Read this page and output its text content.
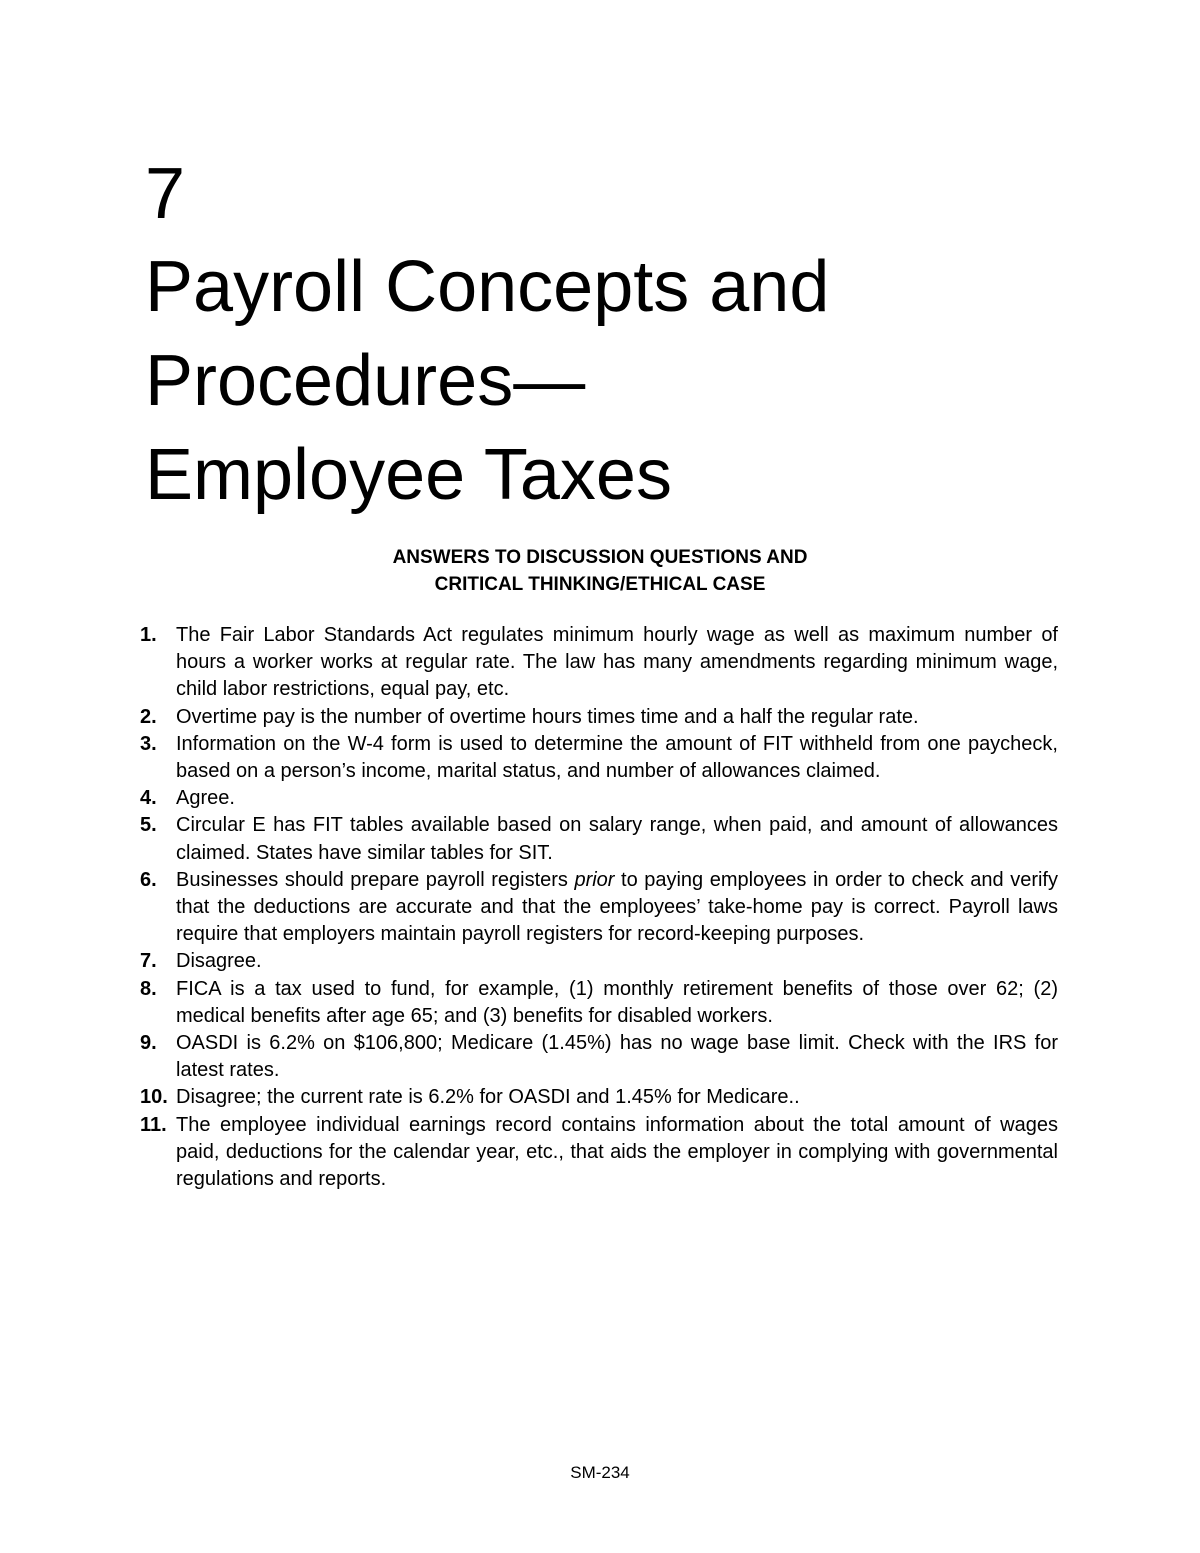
7
Payroll Concepts and
Procedures—
Employee Taxes
ANSWERS TO DISCUSSION QUESTIONS AND
CRITICAL THINKING/ETHICAL CASE
1. The Fair Labor Standards Act regulates minimum hourly wage as well as maximum number of hours a worker works at regular rate. The law has many amendments regarding minimum wage, child labor restrictions, equal pay, etc.
2. Overtime pay is the number of overtime hours times time and a half the regular rate.
3. Information on the W-4 form is used to determine the amount of FIT withheld from one paycheck, based on a person’s income, marital status, and number of allowances claimed.
4. Agree.
5. Circular E has FIT tables available based on salary range, when paid, and amount of allowances claimed. States have similar tables for SIT.
6. Businesses should prepare payroll registers prior to paying employees in order to check and verify that the deductions are accurate and that the employees’ take-home pay is correct. Payroll laws require that employers maintain payroll registers for record-keeping purposes.
7. Disagree.
8. FICA is a tax used to fund, for example, (1) monthly retirement benefits of those over 62; (2) medical benefits after age 65; and (3) benefits for disabled workers.
9. OASDI is 6.2% on $106,800; Medicare (1.45%) has no wage base limit. Check with the IRS for latest rates.
10. Disagree; the current rate is 6.2% for OASDI and 1.45% for Medicare..
11. The employee individual earnings record contains information about the total amount of wages paid, deductions for the calendar year, etc., that aids the employer in complying with governmental regulations and reports.
SM-234
